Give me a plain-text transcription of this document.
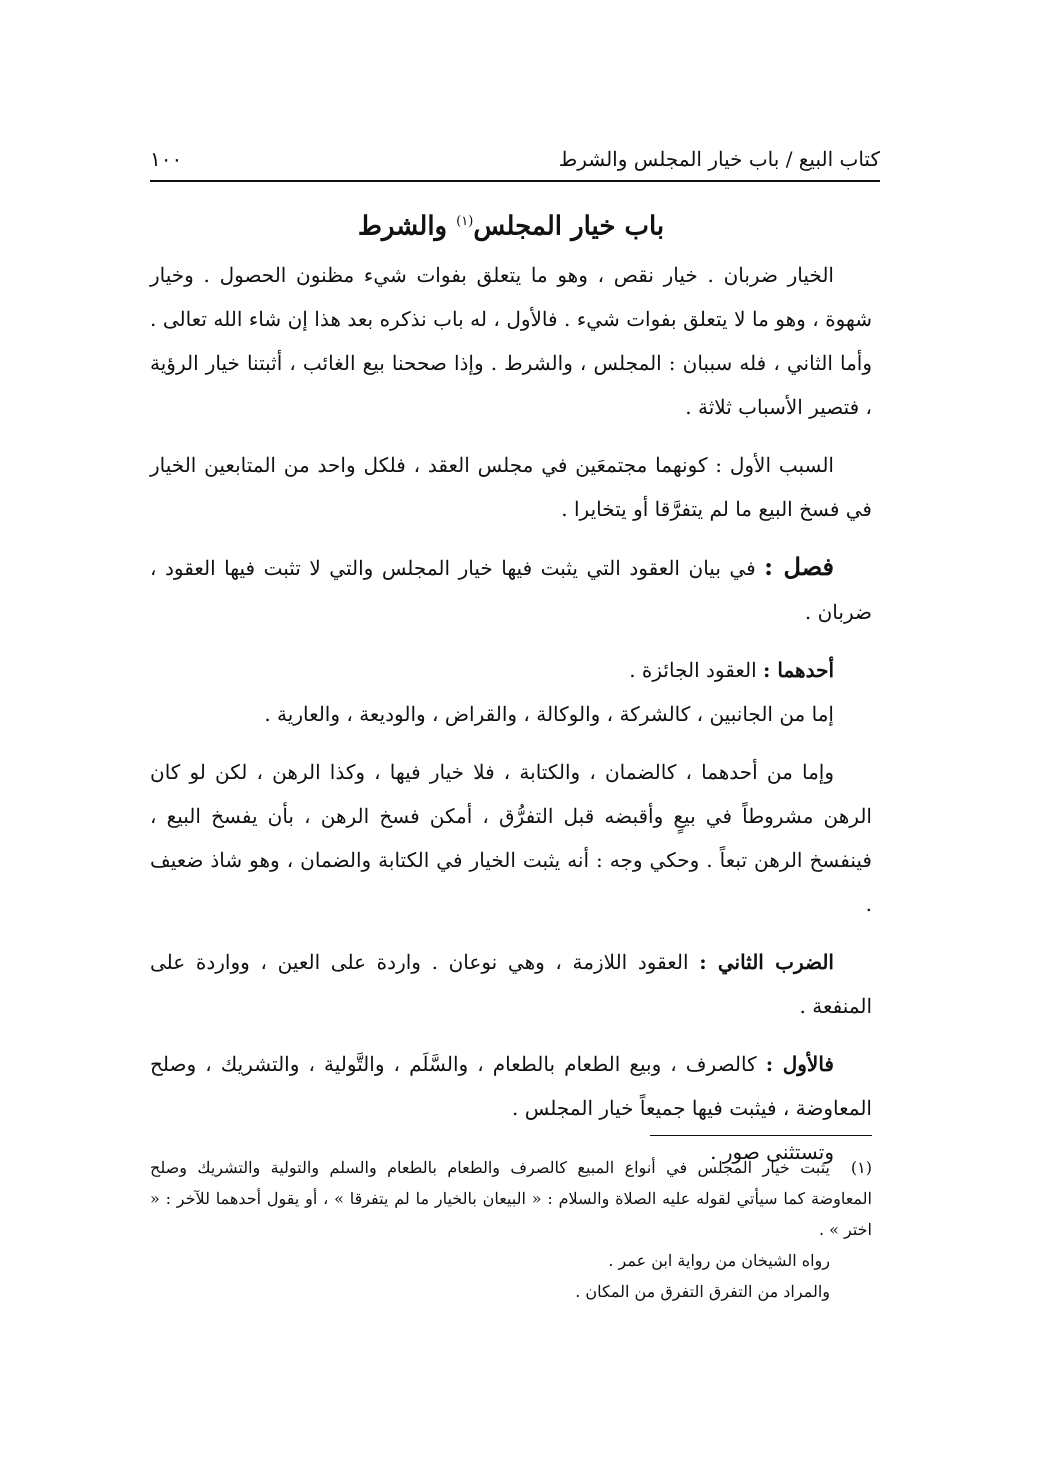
كتاب البيع / باب خيار المجلس والشرط
١٠٠
باب خيار المجلس$^{(١)}$ والشرط

الخيار ضربان . خيار نقص ، وهو ما يتعلق بفوات شيء مظنون الحصول . وخيار شهوة ، وهو ما لا يتعلق بفوات شيء . فالأول ، له باب نذكره بعد هذا إن شاء الله تعالى . وأما الثاني ، فله سببان : المجلس ، والشرط . وإذا صححنا بيع الغائب ، أثبتنا خيار الرؤية ، فتصير الأسباب ثلاثة .

السبب الأول : كونهما مجتمعَين في مجلس العقد ، فلكل واحد من المتابعين الخيار في فسخ البيع ما لم يتفرَّقا أو يتخايرا .

فصل : في بيان العقود التي يثبت فيها خيار المجلس والتي لا تثبت فيها العقود ، ضربان .

أحدهما : العقود الجائزة .

إما من الجانبين ، كالشركة ، والوكالة ، والقراض ، والوديعة ، والعارية .

وإما من أحدهما ، كالضمان ، والكتابة ، فلا خيار فيها ، وكذا الرهن ، لكن لو كان الرهن مشروطاً في بيعٍ وأقبضه قبل التفرُّق ، أمكن فسخ الرهن ، بأن يفسخ البيع ، فينفسخ الرهن تبعاً . وحكي وجه : أنه يثبت الخيار في الكتابة والضمان ، وهو شاذ ضعيف .

الضرب الثاني : العقود اللازمة ، وهي نوعان . واردة على العين ، وواردة على المنفعة .

فالأول : كالصرف ، وبيع الطعام بالطعام ، والسَّلَم ، والتَّولية ، والتشريك ، وصلح المعاوضة ، فيثبت فيها جميعاً خيار المجلس .

وتستثنى صور .

(١)يثبت خيار المجلس في أنواع المبيع كالصرف والطعام بالطعام والسلم والتولية والتشريك وصلح المعاوضة كما سيأتي لقوله عليه الصلاة والسلام : « البيعان بالخيار ما لم يتفرقا » ، أو يقول أحدهما للآخر : « اختر » .

رواه الشيخان من رواية ابن عمر .

والمراد من التفرق التفرق من المكان .
